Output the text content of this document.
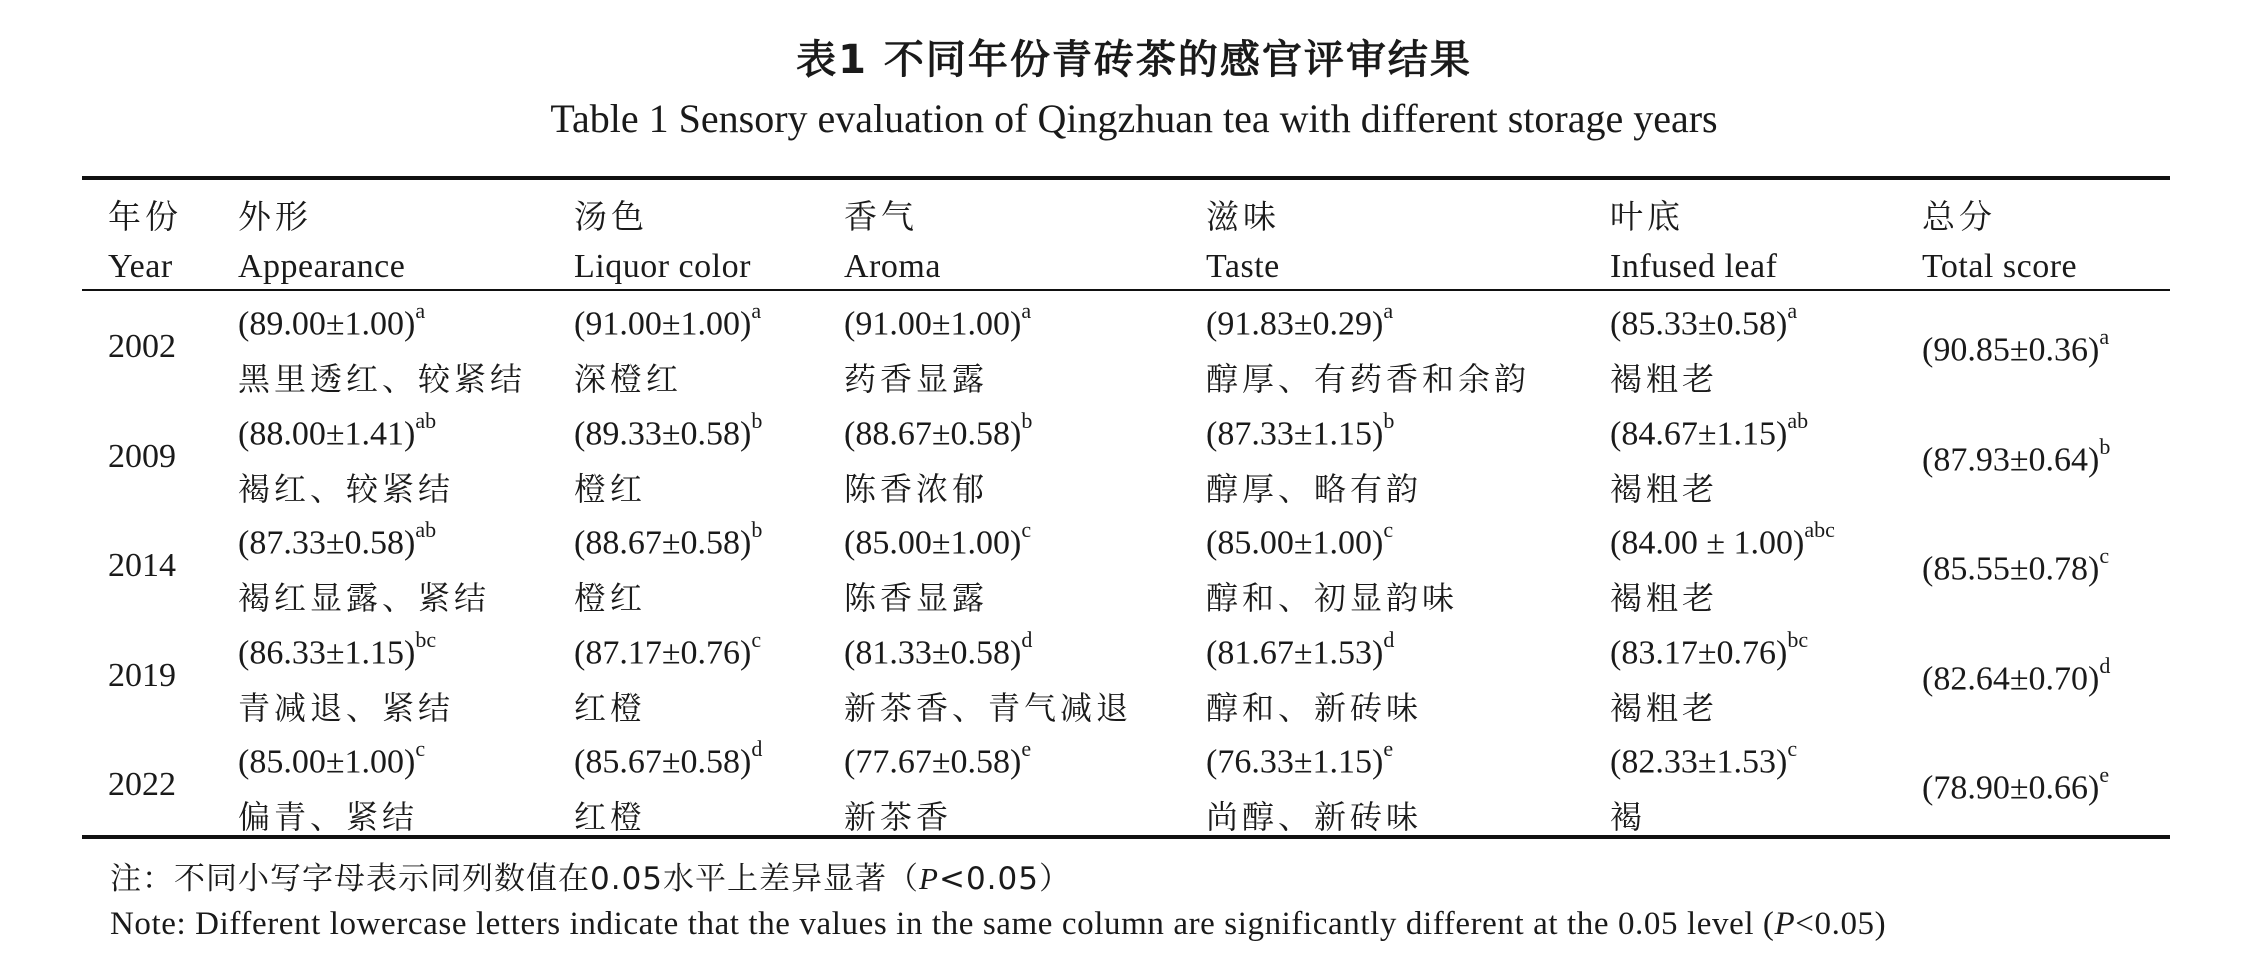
表1 不同年份青砖茶的感官评审结果
Table 1 Sensory evaluation of Qingzhuan tea with different storage years
年份
Year
外形
Appearance
汤色
Liquor color
香气
Aroma
滋味
Taste
叶底
Infused leaf
总分
Total score
2002
$(89.00\pm 1.00)^a$
黑里透红、较紧结
$(91.00\pm 1.00)^a$
深橙红
$(91.00\pm 1.00)^a$
药香显露
$(91.83\pm 0.29)^a$
醇厚、有药香和余韵
$(85.33\pm 0.58)^a$
褐粗老
$(90.85\pm 0.36)^a$
2009
$(88.00\pm 1.41)^{ab}$
褐红、较紧结
$(89.33\pm 0.58)^b$
橙红
$(88.67\pm 0.58)^b$
陈香浓郁
$(87.33\pm 1.15)^b$
醇厚、略有韵
$(84.67\pm 1.15)^{ab}$
褐粗老
$(87.93\pm 0.64)^b$
2014
$(87.33\pm 0.58)^{ab}$
褐红显露、紧结
$(88.67\pm 0.58)^b$
橙红
$(85.00\pm 1.00)^c$
陈香显露
$(85.00\pm 1.00)^c$
醇和、初显韵味
$(84.00 \pm 1.00)^{abc}$
褐粗老
$(85.55\pm 0.78)^c$
2019
$(86.33\pm 1.15)^{bc}$
青减退、紧结
$(87.17\pm 0.76)^c$
红橙
$(81.33\pm 0.58)^d$
新茶香、青气减退
$(81.67\pm 1.53)^d$
醇和、新砖味
$(83.17\pm 0.76)^{bc}$
褐粗老
$(82.64\pm 0.70)^d$
2022
$(85.00\pm 1.00)^c$
偏青、紧结
$(85.67\pm 0.58)^d$
红橙
$(77.67\pm 0.58)^e$
新茶香
$(76.33\pm 1.15)^e$
尚醇、新砖味
$(82.33\pm 1.53)^c$
褐
$(78.90\pm 0.66)^e$
注：不同小写字母表示同列数值在0.05水平上差异显著（P<0.05）
Note: Different lowercase letters indicate that the values in the same column are significantly different at the 0.05 level (P<0.05)
